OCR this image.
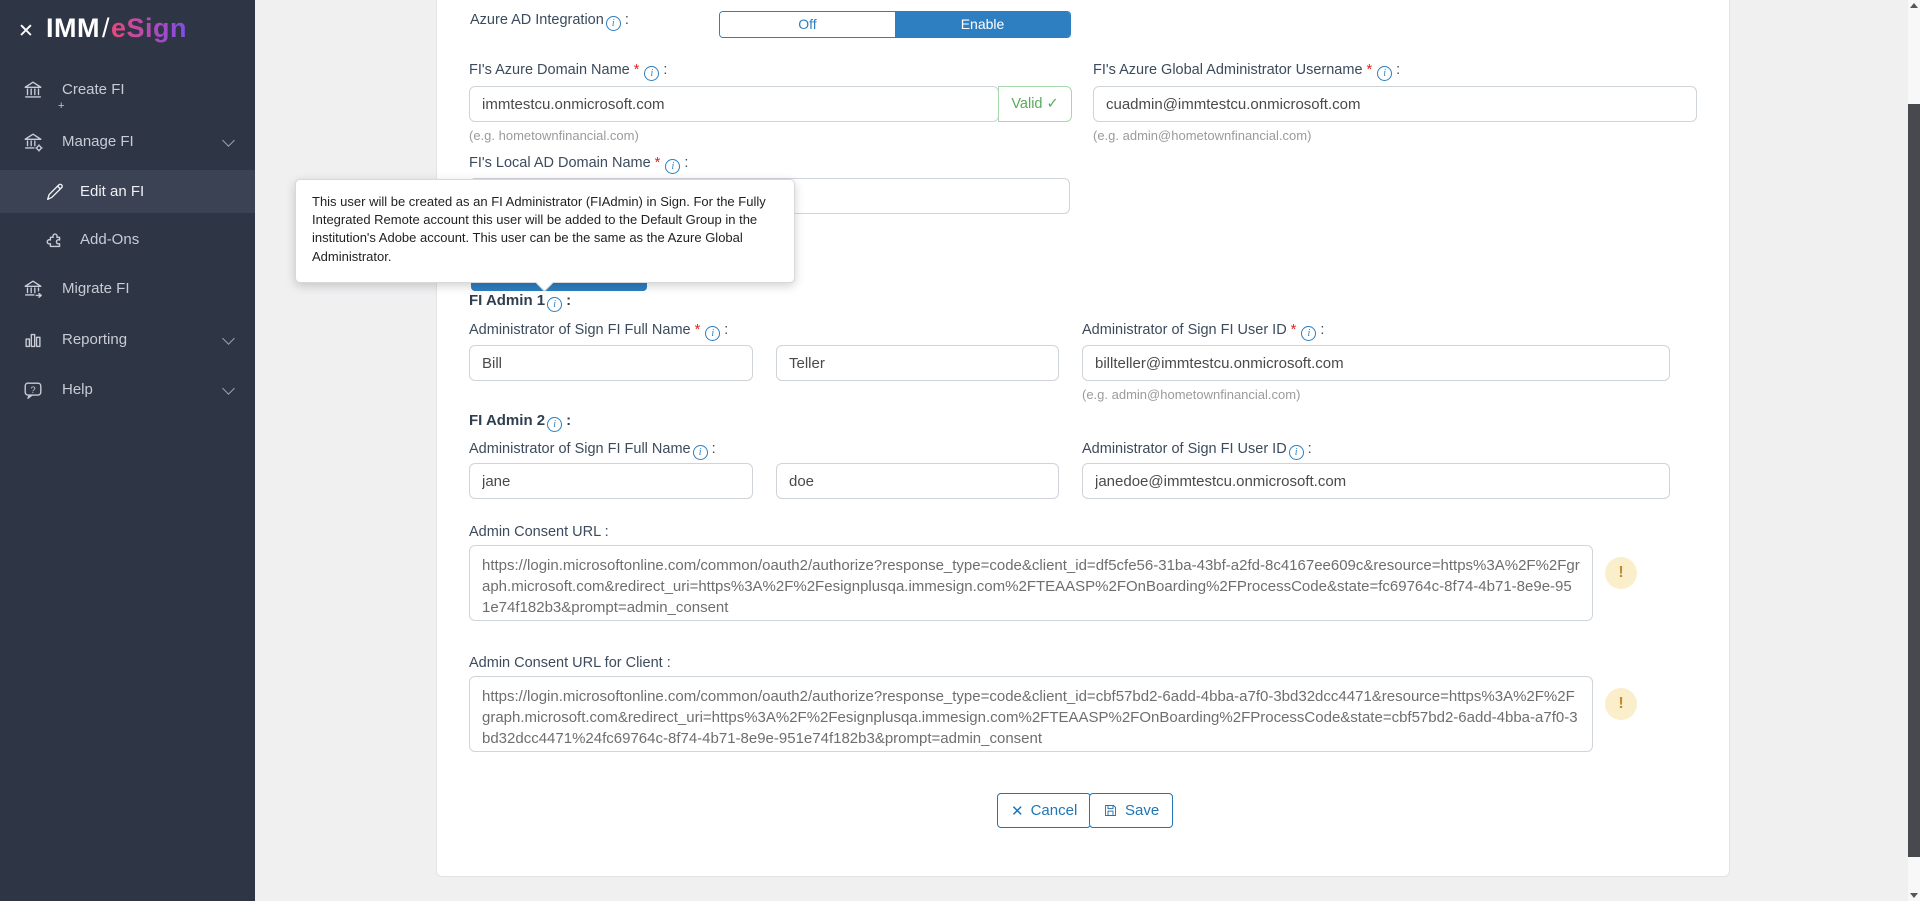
✕ IMM/eSign
+
Create FI
Manage FI
Edit an FI
Add-Ons
Migrate FI
Reporting
? Help
Azure AD Integration i :	Off	Enable
FI's Azure Domain Name * i :
immtestcu.onmicrosoft.com
Valid ✓
(e.g. hometownfinancial.com)
FI's Azure Global Administrator Username * i :
cuadmin@immtestcu.onmicrosoft.com
(e.g. admin@hometownfinancial.com)
FI's Local AD Domain Name * i :
This user will be created as an FI Administrator (FIAdmin) in Sign. For the Fully Integrated Remote account this user will be added to the Default Group in the institution's Adobe account. This user can be the same as the Azure Global Administrator.
FI Admin 1 i :
Administrator of Sign FI Full Name * i :
Bill
Teller	Administrator of Sign FI User ID * i :
billteller@immtestcu.onmicrosoft.com
(e.g. admin@hometownfinancial.com)
FI Admin 2 i :
Administrator of Sign FI Full Name i :
jane
doe	Administrator of Sign FI User ID i :
janedoe@immtestcu.onmicrosoft.com
Admin Consent URL :
https://login.microsoftonline.com/common/oauth2/authorize?response_type=code&client_id=df5cfe56-31ba-43bf-a2fd-8c4167ee609c&resource=https%3A%2F%2Fgraph.microsoft.com&redirect_uri=https%3A%2F%2Fesignplusqa.immesign.com%2FTEAASP%2FOnBoarding%2FProcessCode&state=fc69764c-8f74-4b71-8e9e-951e74f182b3&prompt=admin_consent
!
Admin Consent URL for Client :
https://login.microsoftonline.com/common/oauth2/authorize?response_type=code&client_id=cbf57bd2-6add-4bba-a7f0-3bd32dcc4471&resource=https%3A%2F%2Fgraph.microsoft.com&redirect_uri=https%3A%2F%2Fesignplusqa.immesign.com%2FTEAASP%2FOnBoarding%2FProcessCode&state=cbf57bd2-6add-4bba-a7f0-3bd32dcc4471%24fc69764c-8f74-4b71-8e9e-951e74f182b3&prompt=admin_consent
!
✕ Cancel	Save
